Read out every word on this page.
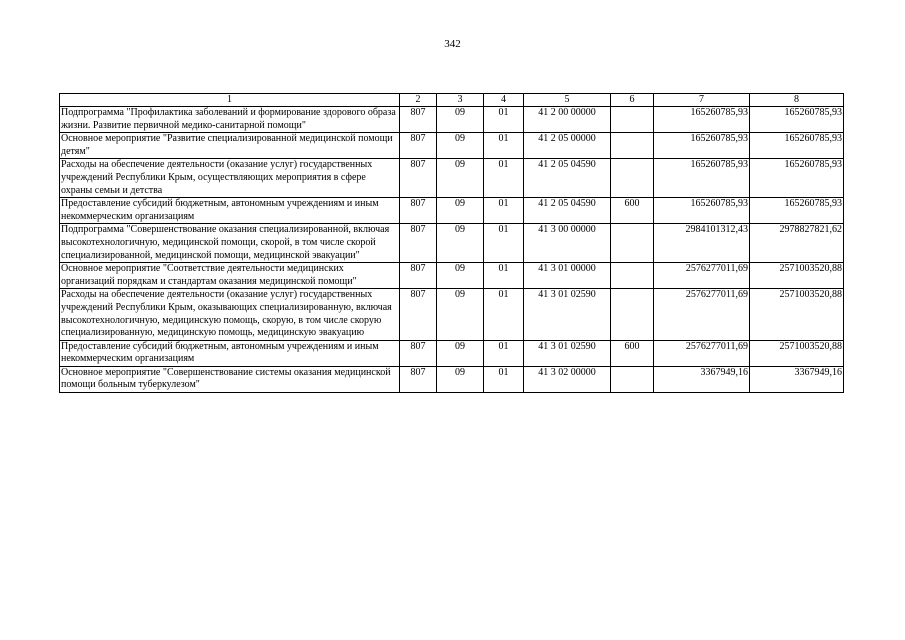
342
1	2	3	4	5	6	7	8
Подпрограмма "Профилактика заболеваний и формирование здорового образа жизни. Развитие первичной медико-санитарной помощи"	807	09	01	41 2 00 00000		165260785,93	165260785,93
Основное мероприятие "Развитие специализированной медицинской помощи детям"	807	09	01	41 2 05 00000		165260785,93	165260785,93
Расходы на обеспечение деятельности (оказание услуг) государственных учреждений Республики Крым, осуществляющих мероприятия в сфере охраны семьи и детства	807	09	01	41 2 05 04590		165260785,93	165260785,93
Предоставление субсидий бюджетным, автономным учреждениям и иным некоммерческим организациям	807	09	01	41 2 05 04590	600	165260785,93	165260785,93
Подпрограмма "Совершенствование оказания специализированной, включая высокотехнологичную, медицинской помощи, скорой, в том числе скорой специализированной, медицинской помощи, медицинской эвакуации"	807	09	01	41 3 00 00000		2984101312,43	2978827821,62
Основное мероприятие "Соответствие деятельности медицинских организаций порядкам и стандартам оказания медицинской помощи"	807	09	01	41 3 01 00000		2576277011,69	2571003520,88
Расходы на обеспечение деятельности (оказание услуг) государственных учреждений Республики Крым, оказывающих специализированную, включая высокотехнологичную, медицинскую помощь, скорую, в том числе скорую специализированную, медицинскую помощь, медицинскую эвакуацию	807	09	01	41 3 01 02590		2576277011,69	2571003520,88
Предоставление субсидий бюджетным, автономным учреждениям и иным некоммерческим организациям	807	09	01	41 3 01 02590	600	2576277011,69	2571003520,88
Основное мероприятие "Совершенствование системы оказания медицинской помощи больным туберкулезом"	807	09	01	41 3 02 00000		3367949,16	3367949,16
